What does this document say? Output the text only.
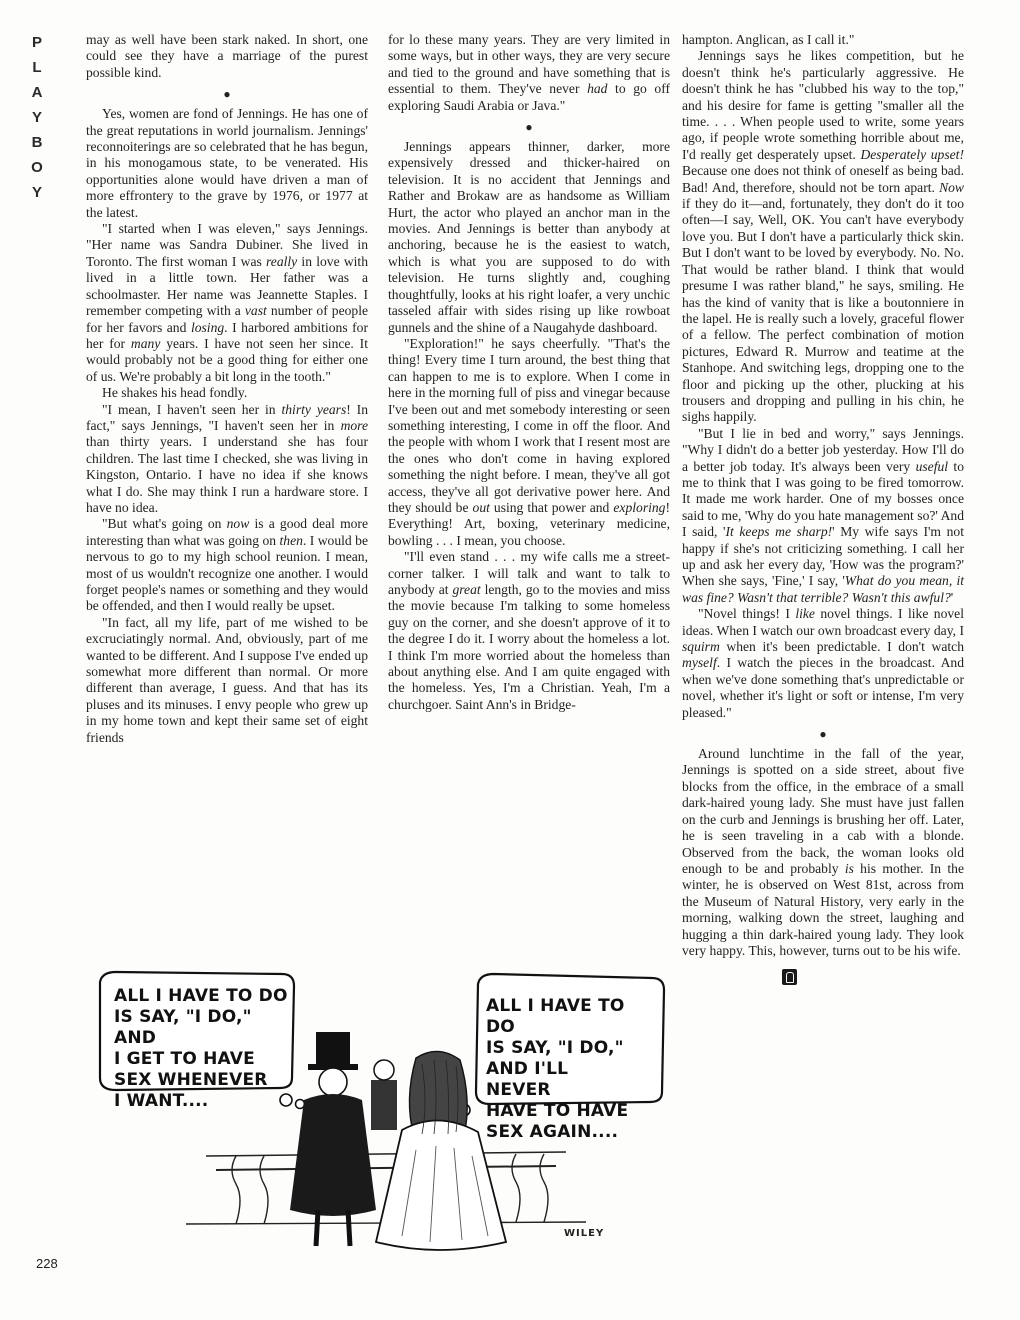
P
L
A
Y
B
O
Y

may as well have been stark naked. In short, one could see they have a marriage of the purest possible kind.

●

Yes, women are fond of Jennings. He has one of the great reputations in world journalism. Jennings' reconnoiterings are so celebrated that he has begun, in his monogamous state, to be venerated. His opportunities alone would have driven a man of more effrontery to the grave by 1976, or 1977 at the latest.

"I started when I was eleven," says Jennings. "Her name was Sandra Dubiner. She lived in Toronto. The first woman I was really in love with lived in a little town. Her father was a schoolmaster. Her name was Jeannette Staples. I remember competing with a vast number of people for her favors and losing. I harbored ambitions for her for many years. I have not seen her since. It would probably not be a good thing for either one of us. We're probably a bit long in the tooth."

He shakes his head fondly.

"I mean, I haven't seen her in thirty years! In fact," says Jennings, "I haven't seen her in more than thirty years. I understand she has four children. The last time I checked, she was living in Kingston, Ontario. I have no idea if she knows what I do. She may think I run a hardware store. I have no idea.

"But what's going on now is a good deal more interesting than what was going on then. I would be nervous to go to my high school reunion. I mean, most of us wouldn't recognize one another. I would forget people's names or something and they would be offended, and then I would really be upset.

"In fact, all my life, part of me wished to be excruciatingly normal. And, obviously, part of me wanted to be different. And I suppose I've ended up somewhat more different than normal. Or more different than average, I guess. And that has its pluses and its minuses. I envy people who grew up in my home town and kept their same set of eight friends

for lo these many years. They are very limited in some ways, but in other ways, they are very secure and tied to the ground and have something that is essential to them. They've never had to go off exploring Saudi Arabia or Java."

●

Jennings appears thinner, darker, more expensively dressed and thicker-haired on television. It is no accident that Jennings and Rather and Brokaw are as handsome as William Hurt, the actor who played an anchor man in the movies. And Jennings is better than anybody at anchoring, because he is the easiest to watch, which is what you are supposed to do with television. He turns slightly and, coughing thoughtfully, looks at his right loafer, a very unchic tasseled affair with sides rising up like rowboat gunnels and the shine of a Naugahyde dashboard.

"Exploration!" he says cheerfully. "That's the thing! Every time I turn around, the best thing that can happen to me is to explore. When I come in here in the morning full of piss and vinegar because I've been out and met somebody interesting or seen something interesting, I come in off the floor. And the people with whom I work that I resent most are the ones who don't come in having explored something the night before. I mean, they've all got access, they've all got derivative power here. And they should be out using that power and exploring! Everything! Art, boxing, veterinary medicine, bowling . . . I mean, you choose.

"I'll even stand . . . my wife calls me a street-corner talker. I will talk and want to talk to anybody at great length, go to the movies and miss the movie because I'm talking to some homeless guy on the corner, and she doesn't approve of it to the degree I do it. I worry about the homeless a lot. I think I'm more worried about the homeless than about anything else. And I am quite engaged with the homeless. Yes, I'm a Christian. Yeah, I'm a churchgoer. Saint Ann's in Bridge-

hampton. Anglican, as I call it."

Jennings says he likes competition, but he doesn't think he's particularly aggressive. He doesn't think he has "clubbed his way to the top," and his desire for fame is getting "smaller all the time. . . . When people used to write, some years ago, if people wrote something horrible about me, I'd really get desperately upset. Desperately upset! Because one does not think of oneself as being bad. Bad! And, therefore, should not be torn apart. Now if they do it—and, fortunately, they don't do it too often—I say, Well, OK. You can't have everybody love you. But I don't have a particularly thick skin. But I don't want to be loved by everybody. No. No. That would be rather bland. I think that would presume I was rather bland," he says, smiling. He has the kind of vanity that is like a boutonniere in the lapel. He is really such a lovely, graceful flower of a fellow. The perfect combination of motion pictures, Edward R. Murrow and teatime at the Stanhope. And switching legs, dropping one to the floor and picking up the other, plucking at his trousers and dropping and pulling in his chin, he sighs happily.

"But I lie in bed and worry," says Jennings. "Why I didn't do a better job yesterday. How I'll do a better job today. It's always been very useful to me to think that I was going to be fired tomorrow. It made me work harder. One of my bosses once said to me, 'Why do you hate management so?' And I said, 'It keeps me sharp!' My wife says I'm not happy if she's not criticizing something. I call her up and ask her every day, 'How was the program?' When she says, 'Fine,' I say, 'What do you mean, it was fine? Wasn't that terrible? Wasn't this awful?'

"Novel things! I like novel things. I like novel ideas. When I watch our own broadcast every day, I squirm when it's been predictable. I don't watch myself. I watch the pieces in the broadcast. And when we've done something that's unpredictable or novel, whether it's light or soft or intense, I'm very pleased."

●

Around lunchtime in the fall of the year, Jennings is spotted on a side street, about five blocks from the office, in the embrace of a small dark-haired young lady. She must have just fallen on the curb and Jennings is brushing her off. Later, he is seen traveling in a cab with a blonde. Observed from the back, the woman looks old enough to be and probably is his mother. In the winter, he is observed on West 81st, across from the Museum of Natural History, very early in the morning, walking down the street, laughing and hugging a thin dark-haired young lady. They look very happy. This, however, turns out to be his wife.

ALL I HAVE TO DO
IS SAY, "I DO," AND
I GET TO HAVE
SEX WHENEVER
I WANT....
ALL I HAVE TO DO
IS SAY, "I DO,"
AND I'LL NEVER
HAVE TO HAVE
SEX AGAIN....
WILEY
228
